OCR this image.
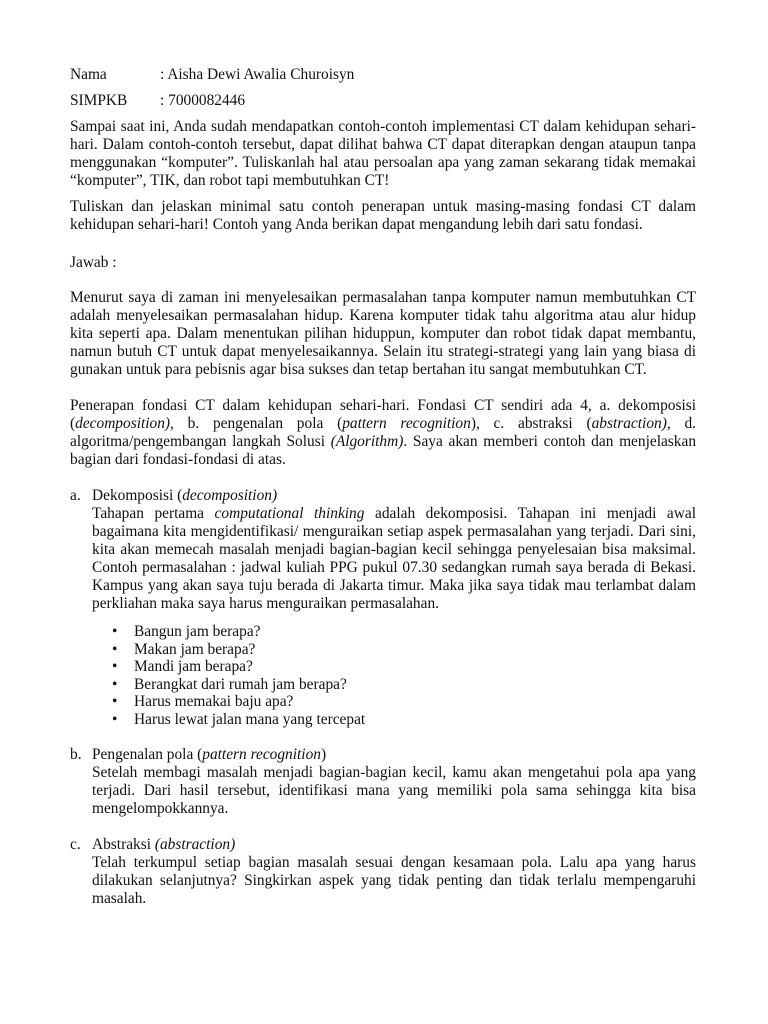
Nama	: Aisha Dewi Awalia Churoisyn
SIMPKB	: 7000082446

Sampai saat ini, Anda sudah mendapatkan contoh-contoh implementasi CT dalam kehidupan sehari-hari. Dalam contoh-contoh tersebut, dapat dilihat bahwa CT dapat diterapkan dengan ataupun tanpa menggunakan “komputer”. Tuliskanlah hal atau persoalan apa yang zaman sekarang tidak memakai “komputer”, TIK, dan robot tapi membutuhkan CT!

Tuliskan dan jelaskan minimal satu contoh penerapan untuk masing-masing fondasi CT dalam kehidupan sehari-hari! Contoh yang Anda berikan dapat mengandung lebih dari satu fondasi.

Jawab :

Menurut saya di zaman ini menyelesaikan permasalahan tanpa komputer namun membutuhkan CT adalah menyelesaikan permasalahan hidup. Karena komputer tidak tahu algoritma atau alur hidup kita seperti apa. Dalam menentukan pilihan hiduppun, komputer dan robot tidak dapat membantu, namun butuh CT untuk dapat menyelesaikannya. Selain itu strategi-strategi yang lain yang biasa di gunakan untuk para pebisnis agar bisa sukses dan tetap bertahan itu sangat membutuhkan CT.

Penerapan fondasi CT dalam kehidupan sehari-hari. Fondasi CT sendiri ada 4, a. dekomposisi (decomposition), b. pengenalan pola (pattern recognition), c. abstraksi (abstraction), d. algoritma/pengembangan langkah Solusi (Algorithm). Saya akan memberi contoh dan menjelaskan bagian dari fondasi-fondasi di atas.

a. Dekomposisi (decomposition)

Tahapan pertama computational thinking adalah dekomposisi. Tahapan ini menjadi awal bagaimana kita mengidentifikasi/ menguraikan setiap aspek permasalahan yang terjadi. Dari sini, kita akan memecah masalah menjadi bagian-bagian kecil sehingga penyelesaian bisa maksimal. Contoh permasalahan : jadwal kuliah PPG pukul 07.30 sedangkan rumah saya berada di Bekasi. Kampus yang akan saya tuju berada di Jakarta timur. Maka jika saya tidak mau terlambat dalam perkliahan maka saya harus menguraikan permasalahan.

• Bangun jam berapa?
• Makan jam berapa?
• Mandi jam berapa?
• Berangkat dari rumah jam berapa?
• Harus memakai baju apa?
• Harus lewat jalan mana yang tercepat
b. Pengenalan pola (pattern recognition)

Setelah membagi masalah menjadi bagian-bagian kecil, kamu akan mengetahui pola apa yang terjadi. Dari hasil tersebut, identifikasi mana yang memiliki pola sama sehingga kita bisa mengelompokkannya.

c. Abstraksi (abstraction)

Telah terkumpul setiap bagian masalah sesuai dengan kesamaan pola. Lalu apa yang harus dilakukan selanjutnya? Singkirkan aspek yang tidak penting dan tidak terlalu mempengaruhi masalah.
